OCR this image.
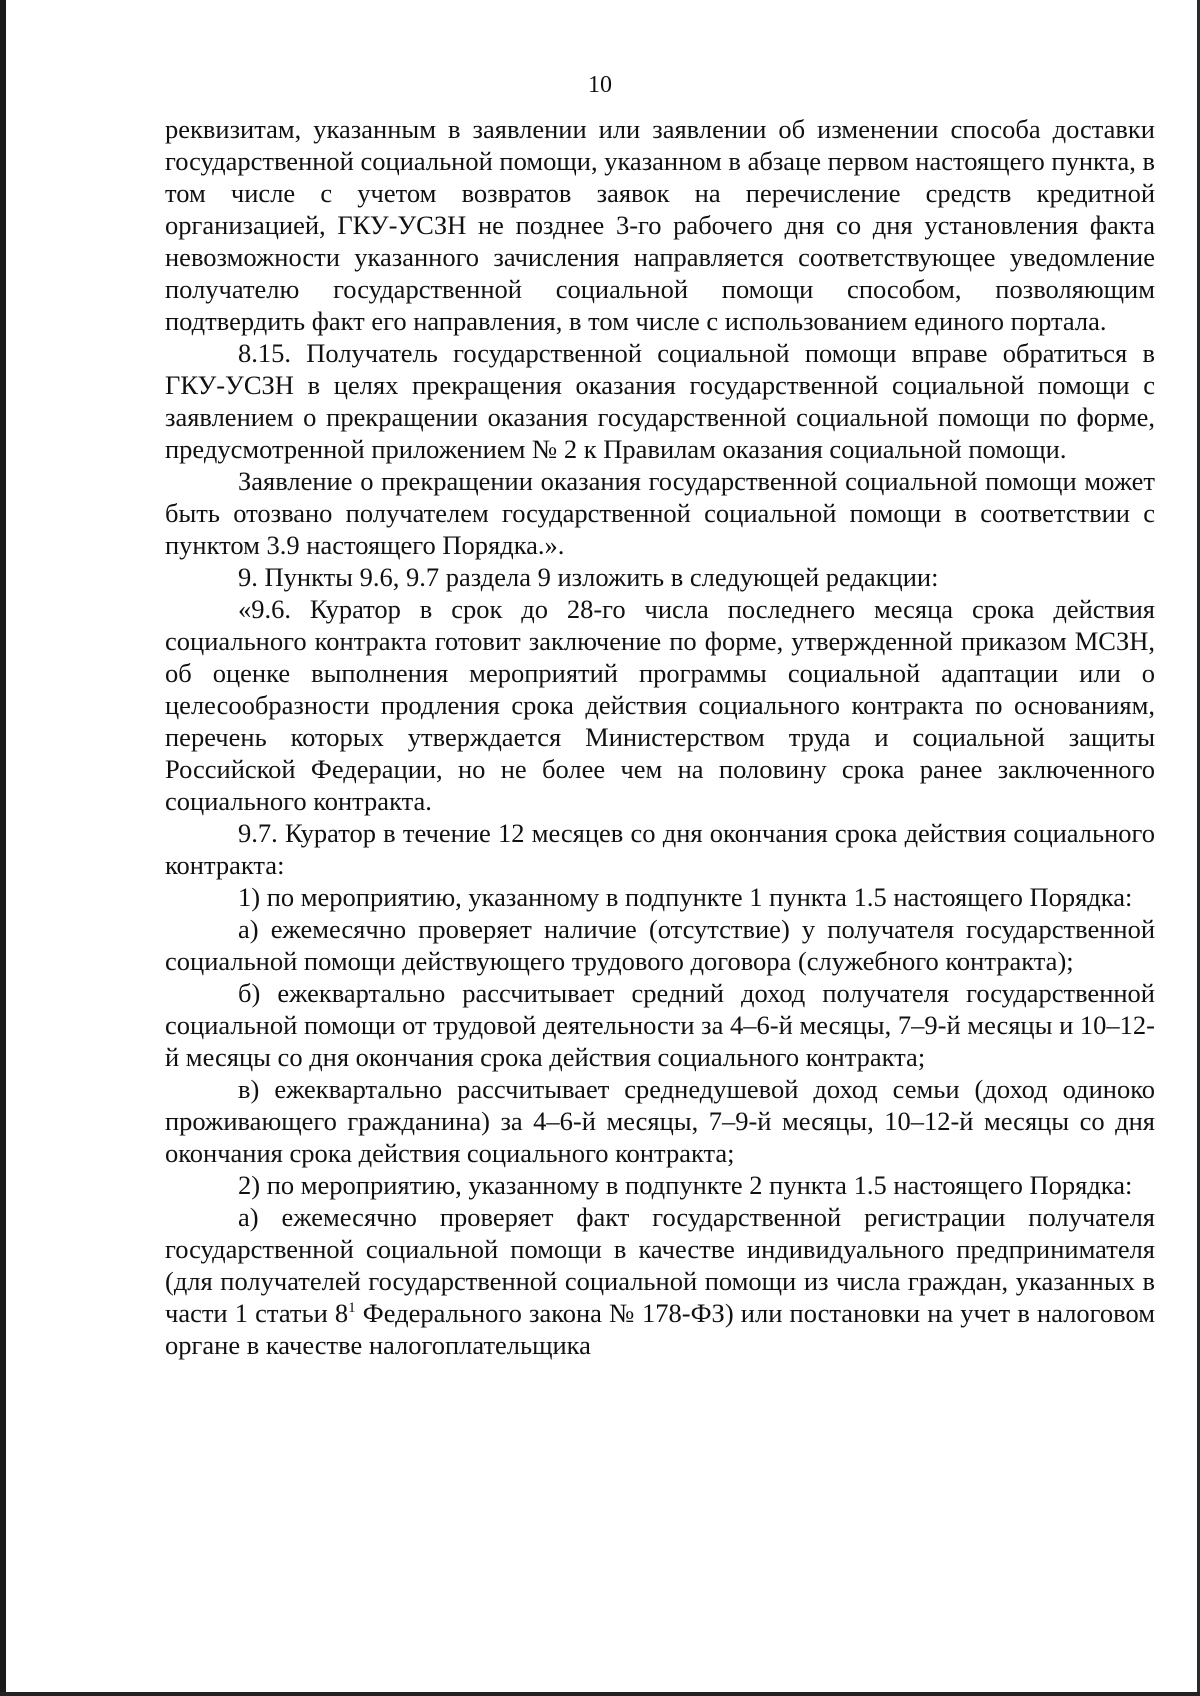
10

реквизитам, указанным в заявлении или заявлении об изменении способа доставки государственной социальной помощи, указанном в абзаце первом настоящего пункта, в том числе с учетом возвратов заявок на перечисление средств кредитной организацией, ГКУ-УСЗН не позднее 3-го рабочего дня со дня установления факта невозможности указанного зачисления направляется соответствующее уведомление получателю государственной социальной помощи способом, позволяющим подтвердить факт его направления, в том числе с использованием единого портала.

8.15. Получатель государственной социальной помощи вправе обратиться в ГКУ-УСЗН в целях прекращения оказания государственной социальной помощи с заявлением о прекращении оказания государственной социальной помощи по форме, предусмотренной приложением № 2 к Правилам оказания социальной помощи.

Заявление о прекращении оказания государственной социальной помощи может быть отозвано получателем государственной социальной помощи в соответствии с пунктом 3.9 настоящего Порядка.».

9. Пункты 9.6, 9.7 раздела 9 изложить в следующей редакции:

«9.6. Куратор в срок до 28-го числа последнего месяца срока действия социального контракта готовит заключение по форме, утвержденной приказом МСЗН, об оценке выполнения мероприятий программы социальной адаптации или о целесообразности продления срока действия социального контракта по основаниям, перечень которых утверждается Министерством труда и социальной защиты Российской Федерации, но не более чем на половину срока ранее заключенного социального контракта.

9.7. Куратор в течение 12 месяцев со дня окончания срока действия социального контракта:

1) по мероприятию, указанному в подпункте 1 пункта 1.5 настоящего Порядка:

а) ежемесячно проверяет наличие (отсутствие) у получателя государственной социальной помощи действующего трудового договора (служебного контракта);

б) ежеквартально рассчитывает средний доход получателя государственной социальной помощи от трудовой деятельности за 4–6-й месяцы, 7–9-й месяцы и 10–12-й месяцы со дня окончания срока действия социального контракта;

в) ежеквартально рассчитывает среднедушевой доход семьи (доход одиноко проживающего гражданина) за 4–6-й месяцы, 7–9-й месяцы, 10–12-й месяцы со дня окончания срока действия социального контракта;

2) по мероприятию, указанному в подпункте 2 пункта 1.5 настоящего Порядка:

а) ежемесячно проверяет факт государственной регистрации получателя государственной социальной помощи в качестве индивидуального предпринимателя (для получателей государственной социальной помощи из числа граждан, указанных в части 1 статьи $8^1$ Федерального закона № 178-ФЗ) или постановки на учет в налоговом органе в качестве налогоплательщика
